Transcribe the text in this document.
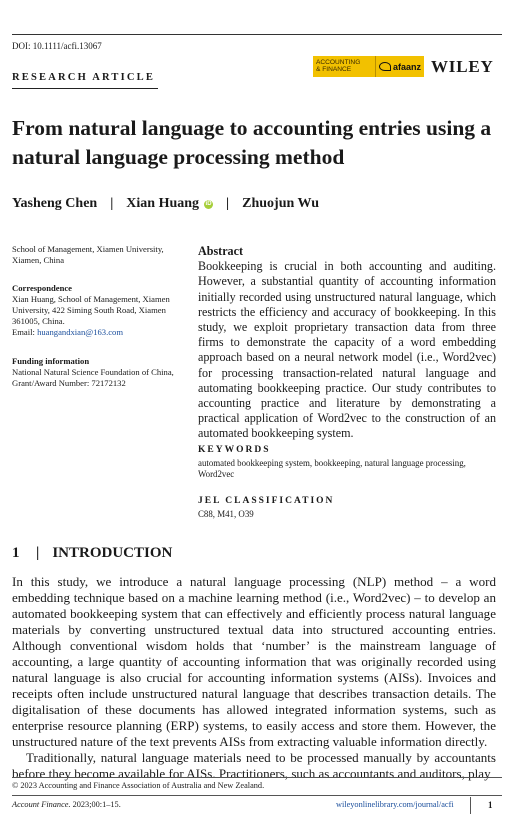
DOI: 10.1111/acfi.13067
RESEARCH ARTICLE
ACCOUNTING
& FINANCE	afaanz WILEY
From natural language to accounting entries using a natural language processing method
Yasheng Chen | Xian Huang iD | Zhuojun Wu
School of Management, Xiamen University, Xiamen, China
Correspondence
Xian Huang, School of Management, Xiamen University, 422 Siming South Road, Xiamen 361005, China.
Email: huangandxian@163.com
Funding information
National Natural Science Foundation of China, Grant/Award Number: 72172132
Abstract
Bookkeeping is crucial in both accounting and auditing. However, a substantial quantity of accounting information initially recorded using unstructured natural language, which restricts the efficiency and accuracy of bookkeeping. In this study, we exploit proprietary transaction data from three firms to demonstrate the capacity of a word embedding approach based on a neural network model (i.e., Word2vec) for processing transaction-related natural language and automating bookkeeping practice. Our study contributes to accounting practice and literature by demonstrating a practical application of Word2vec to the construction of an automated bookkeeping system.
KEYWORDS
automated bookkeeping system, bookkeeping, natural language processing, Word2vec
JEL CLASSIFICATION
C88, M41, O39
1	| INTRODUCTION

In this study, we introduce a natural language processing (NLP) method – a word embedding technique based on a machine learning method (i.e., Word2vec) – to develop an automated bookkeeping system that can effectively and efficiently process natural language materials by converting unstructured textual data into structured accounting entries. Although conventional wisdom holds that ‘number’ is the mainstream language of accounting, a large quantity of accounting information that was originally recorded using natural language is also crucial for accounting information systems (AISs). Invoices and receipts often include unstructured natural language that describes transaction details. The digitalisation of these documents has allowed integrated information systems, such as enterprise resource planning (ERP) systems, to easily access and store them. However, the unstructured nature of the text prevents AISs from extracting valuable information directly.

Traditionally, natural language materials need to be processed manually by accountants before they become available for AISs. Practitioners, such as accountants and auditors, play

© 2023 Accounting and Finance Association of Australia and New Zealand.
Account Finance. 2023;00:1–15.	wileyonlinelibrary.com/journal/acfi	1
